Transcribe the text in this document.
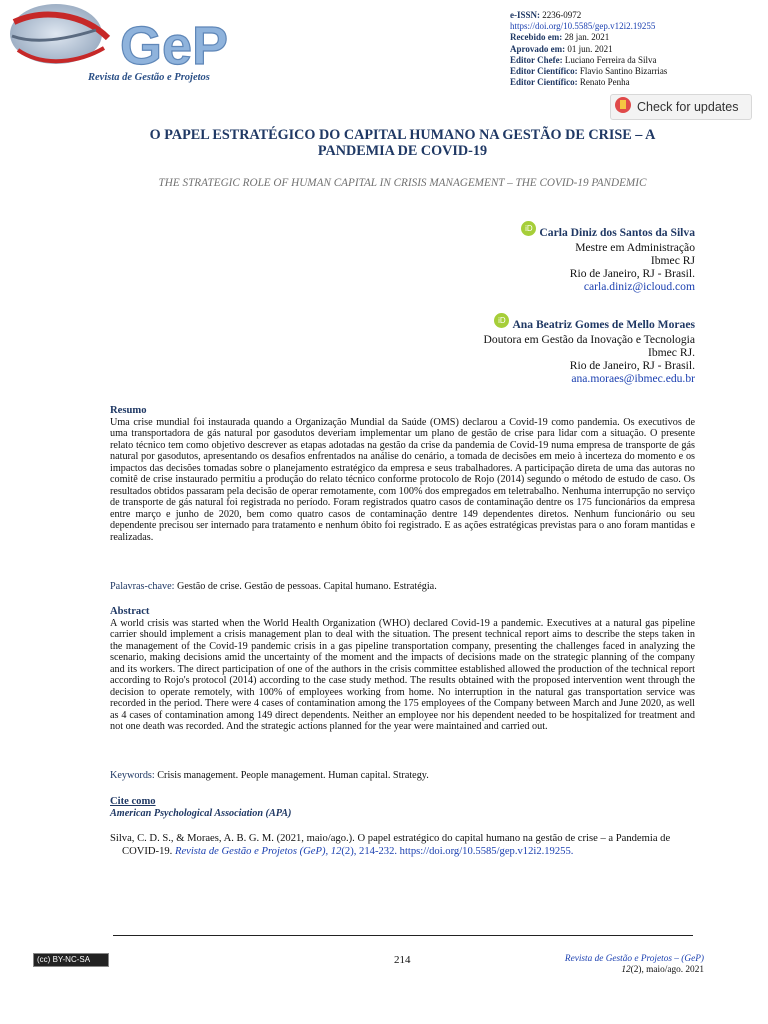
GeP
Revista de Gestão e Projetos
e-ISSN: 2236-0972
https://doi.org/10.5585/gep.v12i2.19255
Recebido em: 28 jan. 2021
Aprovado em: 01 jun. 2021
Editor Chefe: Luciano Ferreira da Silva
Editor Científico: Flavio Santino Bizarrias
Editor Científico: Renato Penha
Check for updates
O PAPEL ESTRATÉGICO DO CAPITAL HUMANO NA GESTÃO DE CRISE – A PANDEMIA DE COVID-19
THE STRATEGIC ROLE OF HUMAN CAPITAL IN CRISIS MANAGEMENT – THE COVID-19 PANDEMIC
iD Carla Diniz dos Santos da Silva
Mestre em Administração
Ibmec RJ
Rio de Janeiro, RJ - Brasil.
carla.diniz@icloud.com
iD Ana Beatriz Gomes de Mello Moraes
Doutora em Gestão da Inovação e Tecnologia
Ibmec RJ.
Rio de Janeiro, RJ - Brasil.
ana.moraes@ibmec.edu.br
Resumo
Uma crise mundial foi instaurada quando a Organização Mundial da Saúde (OMS) declarou a Covid-19 como pandemia. Os executivos de uma transportadora de gás natural por gasodutos deveriam implementar um plano de gestão de crise para lidar com a situação. O presente relato técnico tem como objetivo descrever as etapas adotadas na gestão da crise da pandemia de Covid-19 numa empresa de transporte de gás natural por gasodutos, apresentando os desafios enfrentados na análise do cenário, a tomada de decisões em meio à incerteza do momento e os impactos das decisões tomadas sobre o planejamento estratégico da empresa e seus trabalhadores. A participação direta de uma das autoras no comitê de crise instaurado permitiu a produção do relato técnico conforme protocolo de Rojo (2014) segundo o método de estudo de caso. Os resultados obtidos passaram pela decisão de operar remotamente, com 100% dos empregados em teletrabalho. Nenhuma interrupção no serviço de transporte de gás natural foi registrada no período. Foram registrados quatro casos de contaminação dentre os 175 funcionários da empresa entre março e junho de 2020, bem como quatro casos de contaminação dentre 149 dependentes diretos. Nenhum funcionário ou seu dependente precisou ser internado para tratamento e nenhum óbito foi registrado. E as ações estratégicas previstas para o ano foram mantidas e realizadas.
Palavras-chave: Gestão de crise. Gestão de pessoas. Capital humano. Estratégia.
Abstract
A world crisis was started when the World Health Organization (WHO) declared Covid-19 a pandemic. Executives at a natural gas pipeline carrier should implement a crisis management plan to deal with the situation. The present technical report aims to describe the steps taken in the management of the Covid-19 pandemic crisis in a gas pipeline transportation company, presenting the challenges faced in analyzing the scenario, making decisions amid the uncertainty of the moment and the impacts of decisions made on the strategic planning of the company and its workers. The direct participation of one of the authors in the crisis committee established allowed the production of the technical report according to Rojo's protocol (2014) according to the case study method. The results obtained with the proposed intervention went through the decision to operate remotely, with 100% of employees working from home. No interruption in the natural gas transportation service was recorded in the period. There were 4 cases of contamination among the 175 employees of the Company between March and June 2020, as well as 4 cases of contamination among 149 direct dependents. Neither an employee nor his dependent needed to be hospitalized for treatment and not one death was recorded. And the strategic actions planned for the year were maintained and carried out.
Keywords: Crisis management. People management. Human capital. Strategy.
Cite como
American Psychological Association (APA)
Silva, C. D. S., & Moraes, A. B. G. M. (2021, maio/ago.). O papel estratégico do capital humano na gestão de crise – a Pandemia de COVID-19. Revista de Gestão e Projetos (GeP), 12(2), 214-232. https://doi.org/10.5585/gep.v12i2.19255.
(cc) BY-NC-SA	214	Revista de Gestão e Projetos – (GeP)
12(2), maio/ago. 2021
